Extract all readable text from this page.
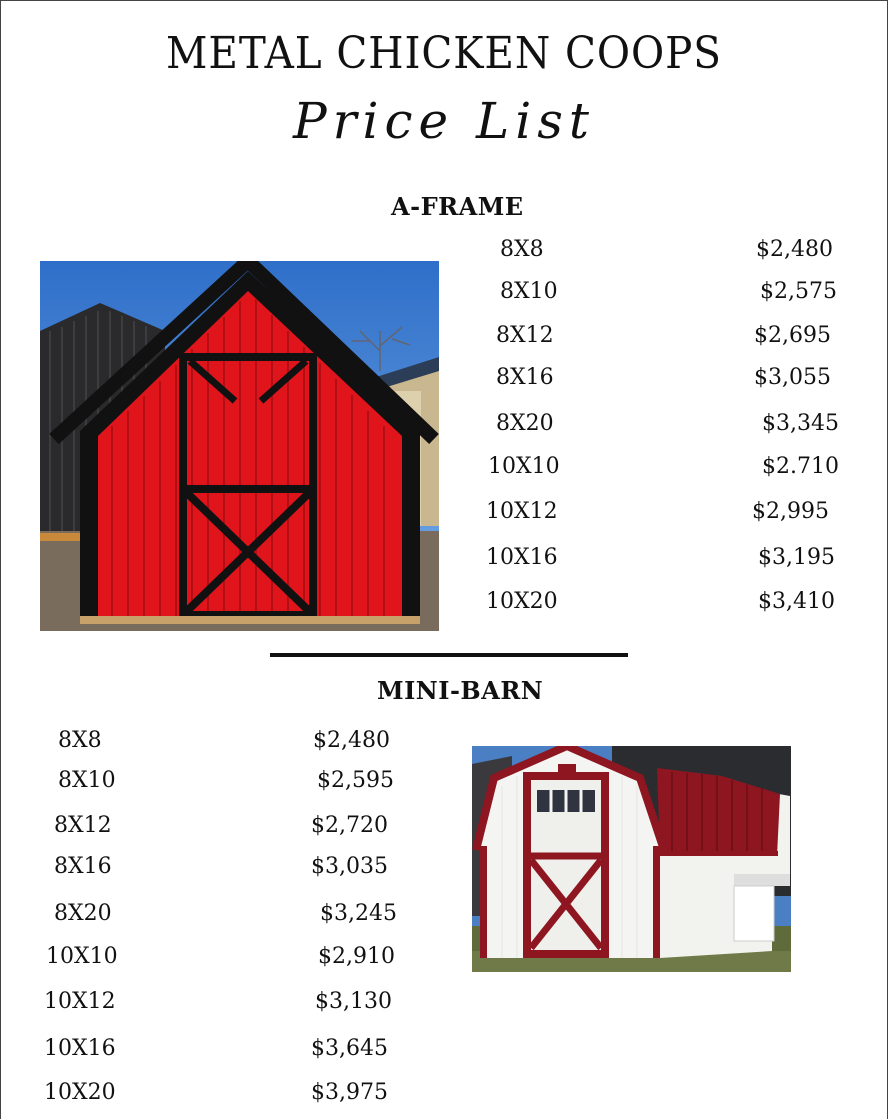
METAL CHICKEN COOPS
Price List
A-FRAME
8X8	$2,480
8X10	$2,575
8X12	$2,695
8X16	$3,055
8X20	$3,345
10X10	$2.710
10X12	$2,995
10X16	$3,195
10X20	$3,410
MINI-BARN
8X8	$2,480
8X10	$2,595
8X12	$2,720
8X16	$3,035
8X20	$3,245
10X10	$2,910
10X12	$3,130
10X16	$3,645
10X20	$3,975
